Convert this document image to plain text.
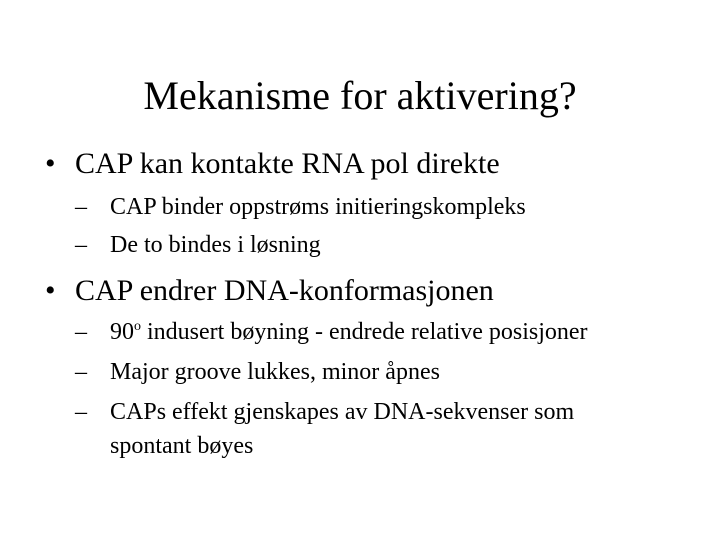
Mekanisme for aktivering?
• CAP kan kontakte RNA pol direkte
– CAP binder oppstrøms initieringskompleks
– De to bindes i løsning
• CAP endrer DNA-konformasjonen
– 90$^o$ indusert bøyning - endrede relative posisjoner
– Major groove lukkes, minor åpnes
– CAPs effekt gjenskapes av DNA-sekvenser som
spontant bøyes
